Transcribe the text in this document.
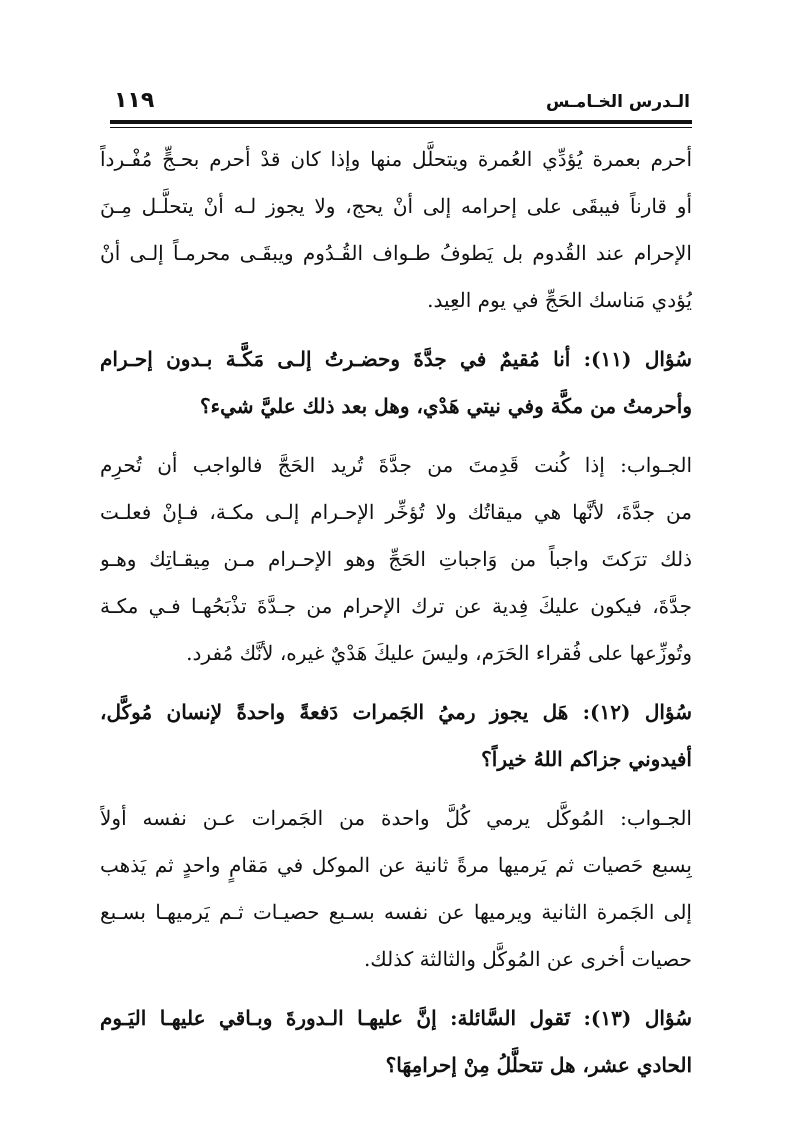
١١٩	الـدرس الخـامـس
أحرم بعمرة يُؤدِّي العُمرة ويتحلَّل منها وإذا كان قدْ أحرم بحـجٍّ مُفْـرداً
أو قارناً فيبقَى على إحرامه إلى أنْ يحج، ولا يجوز لـه أنْ يتحلَّـل مِـنَ
الإحرام عند القُدوم بل يَطوفُ طـواف القُـدُوم ويبقَـى محرمـاً إلـى أنْ
يُؤدي مَناسك الحَجِّ في يوم العِيد.
سُؤال (١١): أنا مُقيمٌ في جدَّةَ وحضـرتُ إلـى مَكَّـة بـدون إحـرام
وأحرمتُ من مكَّة وفي نيتي هَدْي، وهل بعد ذلك عليَّ شيء؟
الجـواب: إذا كُنت قَدِمتَ من جدَّةَ تُريد الحَجَّ فالواجب أن تُحرِم
من جدَّةَ، لأنَّها هي ميقاتُك ولا تُؤخِّر الإحـرام إلـى مكـة، فـإنْ فعلـت
ذلك ترَكتَ واجباً من وَاجباتِ الحَجِّ وهو الإحـرام مـن مِيقـاتِك وهـو
جدَّةَ، فيكون عليكَ فِدية عن ترك الإحرام من جـدَّةَ تذْبَحُهـا فـي مكـة
وتُوزِّعها على فُقراء الحَرَم، وليسَ عليكَ هَدْيٌ غيره، لأنَّك مُفرد.
سُؤال (١٢): هَل يجوز رميُ الجَمرات دَفعةً واحدةً لإنسان مُوكَّل،
أفيدوني جزاكم اللهُ خيراً؟
الجـواب: المُوكَّل يرمي كُلَّ واحدة من الجَمرات عـن نفسه أولاً
بِسبع حَصيات ثم يَرميها مرةً ثانية عن الموكل في مَقامٍ واحدٍ ثم يَذهب
إلى الجَمرة الثانية ويرميها عن نفسه بسـبع حصيـات ثـم يَرميهـا بسـبع
حصيات أخرى عن المُوكَّل والثالثة كذلك.
سُؤال (١٣): تَقول السَّائلة: إنَّ عليهـا الـدورةَ وبـاقي عليهـا اليَـوم
الحادي عشر، هل تتحلَّلُ مِنْ إحرامِهَا؟
